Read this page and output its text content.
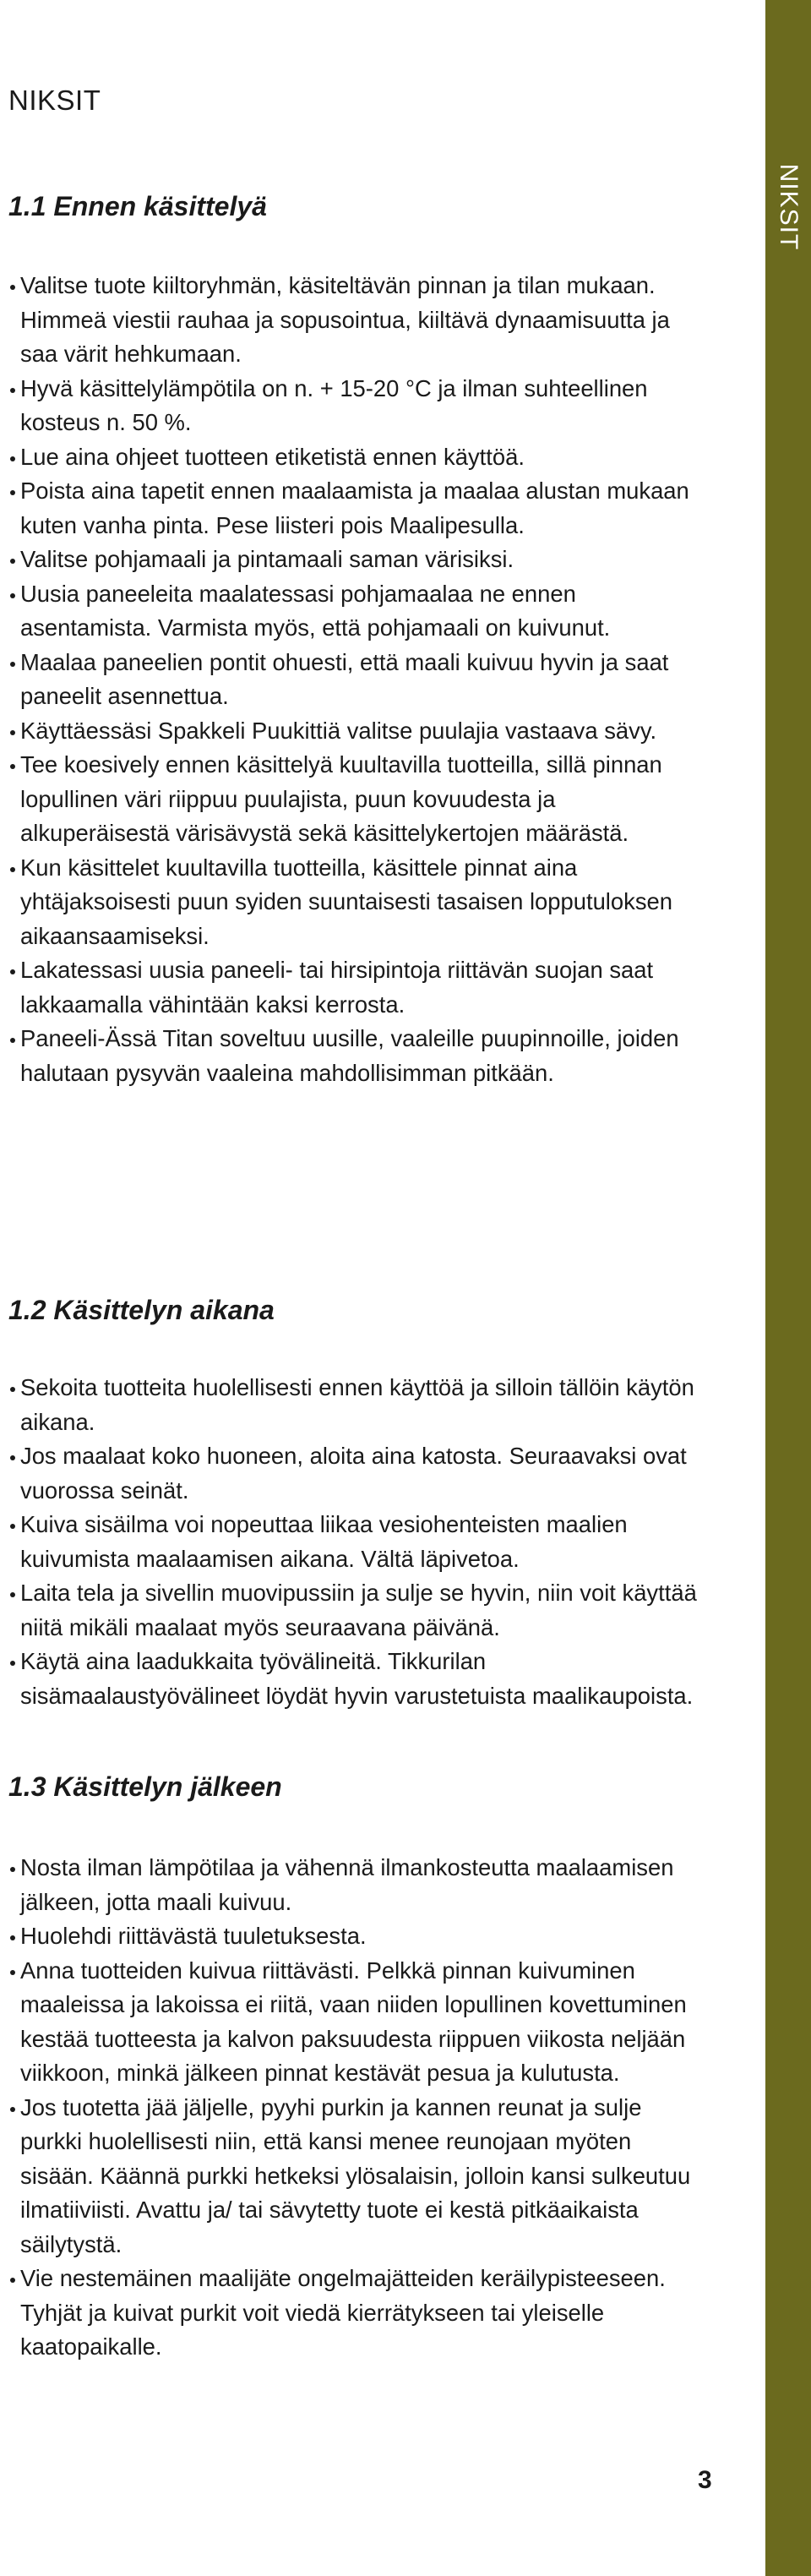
NIKSIT
1.1 Ennen käsittelyä
Valitse tuote kiiltoryhmän, käsiteltävän pinnan ja tilan mukaan. Himmeä viestii rauhaa ja sopusointua, kiiltävä dynaamisuutta ja saa värit hehkumaan.
Hyvä käsittelylämpötila on n. + 15-20 °C ja ilman suhteellinen kosteus n. 50 %.
Lue aina ohjeet tuotteen etiketistä ennen käyttöä.
Poista aina tapetit ennen maalaamista ja maalaa alustan mukaan kuten vanha pinta. Pese liisteri pois Maalipesulla.
Valitse pohjamaali ja pintamaali saman värisiksi.
Uusia paneeleita maalatessasi pohjamaalaa ne ennen asentamista. Varmista myös, että pohjamaali on kuivunut.
Maalaa paneelien pontit ohuesti, että maali kuivuu hyvin ja saat paneelit asennettua.
Käyttäessäsi Spakkeli Puukittiä valitse puulajia vastaava sävy.
Tee koesively ennen käsittelyä kuultavilla tuotteilla, sillä pinnan lopullinen väri riippuu puulajista, puun kovuudesta ja alkuperäisestä värisävystä sekä käsittelykertojen määrästä.
Kun käsittelet kuultavilla tuotteilla, käsittele pinnat aina yhtäjaksoisesti puun syiden suuntaisesti tasaisen lopputuloksen aikaansaamiseksi.
Lakatessasi uusia paneeli- tai hirsipintoja riittävän suojan saat lakkaamalla vähintään kaksi kerrosta.
Paneeli-Ässä Titan soveltuu uusille, vaaleille puupinnoille, joiden halutaan pysyvän vaaleina mahdollisimman pitkään.
1.2 Käsittelyn aikana
Sekoita tuotteita huolellisesti ennen käyttöä ja silloin tällöin käytön aikana.
Jos maalaat koko huoneen, aloita aina katosta. Seuraavaksi ovat vuorossa seinät.
Kuiva sisäilma voi nopeuttaa liikaa vesiohenteisten maalien kuivumista maalaamisen aikana. Vältä läpivetoa.
Laita tela ja sivellin muovipussiin ja sulje se hyvin, niin voit käyttää niitä mikäli maalaat myös seuraavana päivänä.
Käytä aina laadukkaita työvälineitä. Tikkurilan sisämaalaustyövälineet löydät hyvin varustetuista maalikaupoista.
1.3 Käsittelyn jälkeen
Nosta ilman lämpötilaa ja vähennä ilmankosteutta maalaamisen jälkeen, jotta maali kuivuu.
Huolehdi riittävästä tuuletuksesta.
Anna tuotteiden kuivua riittävästi. Pelkkä pinnan kuivuminen maaleissa ja lakoissa ei riitä, vaan niiden lopullinen kovettuminen kestää tuotteesta ja kalvon paksuudesta riippuen viikosta neljään viikkoon, minkä jälkeen pinnat kestävät pesua ja kulutusta.
Jos tuotetta jää jäljelle, pyyhi purkin ja kannen reunat ja sulje purkki huolellisesti niin, että kansi menee reunojaan myöten sisään. Käännä purkki hetkeksi ylösalaisin, jolloin kansi sulkeutuu ilmatiiviisti. Avattu ja/ tai sävytetty tuote ei kestä pitkäaikaista säilytystä.
Vie nestemäinen maalijäte ongelmajätteiden keräilypisteeseen. Tyhjät ja kuivat purkit voit viedä kierrätykseen tai yleiselle kaatopaikalle.
NIKSIT
3
